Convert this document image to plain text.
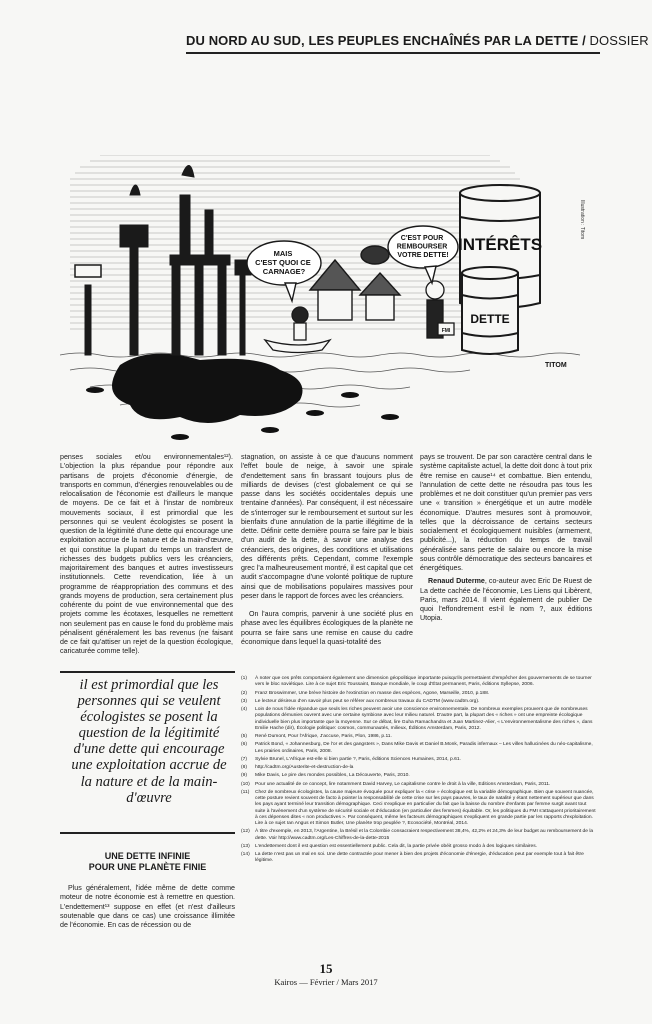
DU NORD AU SUD, LES PEUPLES ENCHAÎNÉS PAR LA DETTE / DOSSIER
INTÉRÊTS
DETTE
FMI
MAIS C'EST QUOI CE CARNAGE?
C'EST POUR REMBOURSER VOTRE DETTE!
TITOM
Illustration : Titom

penses sociales et/ou environnementales¹²). L'objection la plus répandue pour répondre aux partisans de projets d'économie d'énergie, de transports en commun, d'énergies renouvelables ou de relocalisation de l'économie est d'ailleurs le manque de moyens. De ce fait et à l'instar de nombreux mouvements sociaux, il est primordial que les personnes qui se veulent écologistes se posent la question de la légitimité d'une dette qui encourage une exploitation accrue de la nature et de la main-d'œuvre, et qui constitue la plupart du temps un transfert de richesses des budgets publics vers les créanciers, majoritairement des banques et autres investisseurs institutionnels. Cette revendication, liée à un programme de réappropriation des communs et des grands moyens de production, sera certainement plus cohérente du point de vue environnemental que des projets comme les écotaxes, lesquelles ne remettent non seulement pas en cause le fond du problème mais pénalisent généralement les bas revenus (ne faisant de ce fait qu'attiser un rejet de la question écologique, caricaturée comme telle).

stagnation, on assiste à ce que d'aucuns nomment l'effet boule de neige, à savoir une spirale d'endettement sans fin brassant toujours plus de milliards de devises (c'est globalement ce qui se passe dans les sociétés occidentales depuis une trentaine d'années). Par conséquent, il est nécessaire de s'interroger sur le remboursement et surtout sur les bienfaits d'une annulation de la partie illégitime de la dette. Définir cette dernière pourra se faire par le biais d'un audit de la dette, à savoir une analyse des créanciers, des origines, des conditions et utilisations des différents prêts. Cependant, comme l'exemple grec l'a malheureusement montré, il est capital que cet audit s'accompagne d'une volonté politique de rupture ainsi que de mobilisations populaires massives pour peser dans le rapport de forces avec les créanciers.

On l'aura compris, parvenir à une société plus en phase avec les équilibres écologiques de la planète ne pourra se faire sans une remise en cause du cadre économique dans lequel la quasi-totalité des

pays se trouvent. De par son caractère central dans le système capitaliste actuel, la dette doit donc à tout prix être remise en cause¹⁴ et combattue. Bien entendu, l'annulation de cette dette ne résoudra pas tous les problèmes et ne doit constituer qu'un premier pas vers une « transition » énergétique et un autre modèle économique. D'autres mesures sont à promouvoir, telles que la décroissance de certains secteurs socialement et écologiquement nuisibles (armement, publicité...), la réduction du temps de travail généralisée sans perte de salaire ou encore la mise sous contrôle démocratique des secteurs bancaires et énergétiques.

Renaud Duterme, co-auteur avec Eric De Ruest de La dette cachée de l'économie, Les Liens qui Libèrent, Paris, mars 2014. Il vient également de publier De quoi l'effondrement est-il le nom ?, aux éditions Utopia.

il est primordial que les personnes qui se veulent écologistes se posent la question de la légitimité d'une dette qui encourage une exploitation accrue de la nature et de la main-d'œuvre
UNE DETTE INFINIE
POUR UNE PLANÈTE FINIE

Plus généralement, l'idée même de dette comme moteur de notre économie est à remettre en question. L'endettement¹³ suppose en effet (et n'est d'ailleurs soutenable que dans ce cas) une croissance illimitée de l'économie. En cas de récession ou de

(1)	À noter que ces prêts comportaient également une dimension géopolitique importante puisqu'ils permettaient d'empêcher des gouvernements de se tourner vers le bloc soviétique. Lire à ce sujet Eric Toussaint, Banque mondiale, le coup d'État permanent, Paris, éditions Syllepse, 2006.
(2)	Franz Broswimmer, Une brève histoire de l'extinction en masse des espèces, Agone, Marseille, 2010, p.188.
(3)	Le lecteur désireux d'en savoir plus peut se référer aux nombreux travaux du CADTM (www.cadtm.org).
(4)	Loin de nous l'idée répandue que seuls les riches peuvent avoir une conscience environnementale. De nombreux exemples prouvent que de nombreuses populations démunies ouvrent avec une certaine symbiose avec leur milieu naturel. D'autre part, la plupart des « riches » ont une empreinte écologique individuelle bien plus importante que la moyenne. Sur ce débat, lire Guha Ramachandra et Juan Martinez-Alier, « L'environnementalisme des riches », dans Emilie Hache (dir), Écologie politique: cosmos, communautés, milieux, Éditions Amsterdam, Paris, 2012.
(5)	René Dumont, Pour l'Afrique, J'accuse, Paris, Plon, 1986, p.11.
(6)	Patrick Bond, « Johannesburg, De l'or et des gangsters », Dans Mike Davis et Daniel B.Monk, Paradis infernaux – Les villes hallucinées du néo-capitalisme, Les prairies ordinaires, Paris, 2008.
(7)	Sylvie Brunel, L'Afrique est-elle si bien partie ?, Paris, éditions Sciences Humaines, 2014, p.61.
(8)	http://cadtm.org/Austerite-et-destruction-de-la
(9)	Mike Davis, Le pire des mondes possibles, La Découverte, Paris, 2010.
(10)	Pour une actualité de ce concept, lire notamment David Harvey, Le capitalisme contre le droit à la ville, Editions Amsterdam, Paris, 2011.
(11)	Chez de nombreux écologistes, la cause majeure évoquée pour expliquer la « crise » écologique est la variable démographique. Bien que souvent nuancée, cette posture revient souvent de facto à pointer la responsabilité de cette crise sur les pays pauvres, le taux de natalité y étant nettement supérieur que dans les pays ayant terminé leur transition démographique. Ceci s'explique en particulier du fait que la baisse du nombre d'enfants par femme surgit avant tout suite à l'avènement d'un système de sécurité sociale et d'éducation (en particulier des femmes) équitable. Or, les politiques du FMI s'attaquent prioritairement à ces dépenses dites « non productives ». Par conséquent, même les facteurs démographiques s'expliquent en grande partie par les rapports d'exploitation. Lire à ce sujet Ian Angus et Simon Butler, Une planète trop peuplée ?, Ecosociété, Montréal, 2014.
(12)	À titre d'exemple, en 2013, l'Argentine, la Brésil et la Colombie consacraient respectivement 38,4%, 42,2% et 24,3% de leur budget au remboursement de la dette. Voir http://www.cadtm.org/Les-Chiffres-de-la-dette-2015
(13)	L'endettement dont il est question est essentiellement public. Cela dit, la partie privée obéit grosso modo à des logiques similaires.
(14)	La dette n'est pas un mal en soi. Une dette contractée pour mener à bien des projets d'économie d'énergie, d'éducation peut par exemple tout à fait être légitime.
15
Kairos — Février / Mars 2017
